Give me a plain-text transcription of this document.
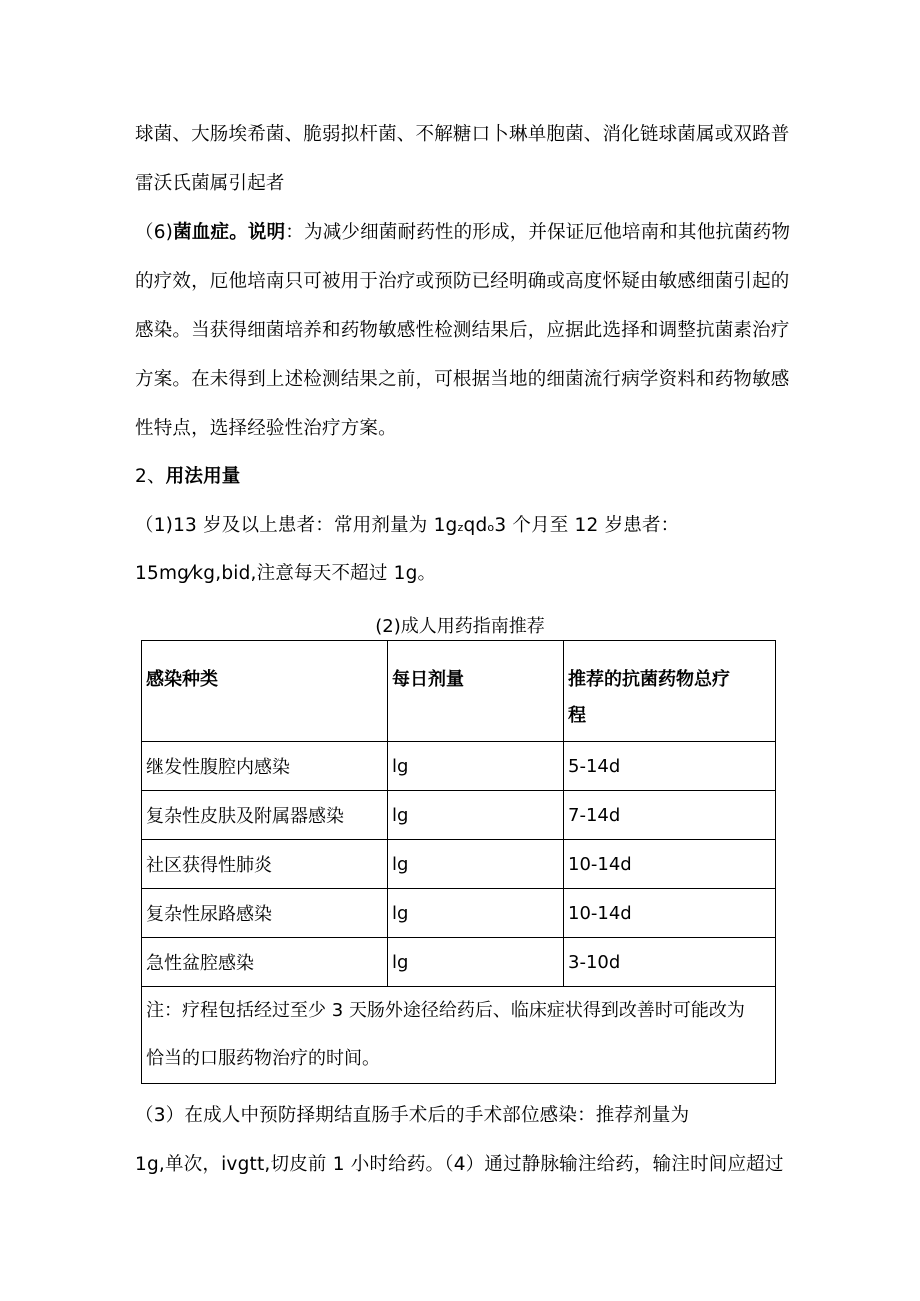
球菌、大肠埃希菌、脆弱拟杆菌、不解糖口卜琳单胞菌、消化链球菌属或双路普
雷沃氏菌属引起者
（6)菌血症。说明：为减少细菌耐药性的形成，并保证厄他培南和其他抗菌药物
的疗效，厄他培南只可被用于治疗或预防已经明确或高度怀疑由敏感细菌引起的
感染。当获得细菌培养和药物敏感性检测结果后，应据此选择和调整抗菌素治疗
方案。在未得到上述检测结果之前，可根据当地的细菌流行病学资料和药物敏感
性特点，选择经验性治疗方案。
2、用法用量
（1)13 岁及以上患者：常用剂量为 1gzqdo3 个月至 12 岁患者：
15mg⁄kg,bid,注意每天不超过 1g。
(2)成人用药指南推荐
感染种类	每日剂量	推荐的抗菌药物总疗
程

继发性腹腔内感染	lg	5-14d
复杂性皮肤及附属器感染	lg	7-14d
社区获得性肺炎	lg	10-14d
复杂性尿路感染	lg	10-14d
急性盆腔感染	lg	3-10d
注：疗程包括经过至少 3 天肠外途径给药后、临床症状得到改善时可能改为
恰当的口服药物治疗的时间。		
（3）在成人中预防择期结直肠手术后的手术部位感染：推荐剂量为
1g,单次，ivgtt,切皮前 1 小时给药。（4）通过静脉输注给药，输注时间应超过
